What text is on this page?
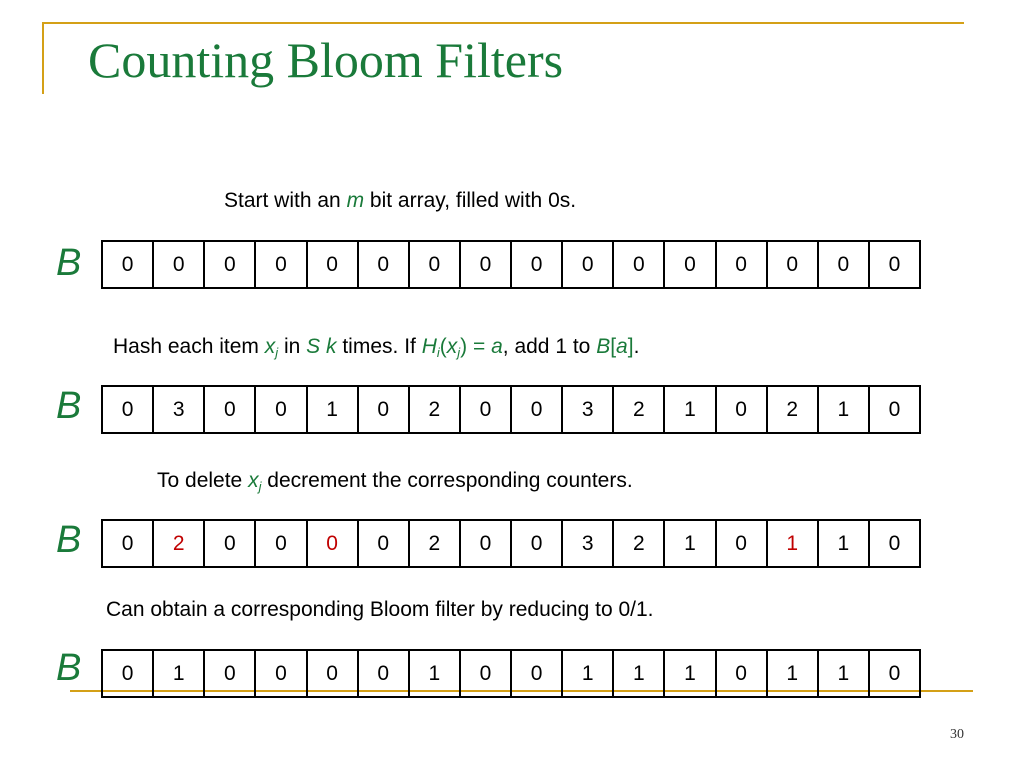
Counting Bloom Filters
Start with an m bit array, filled with 0s.
Hash each item $x_j$ in S k times. If $H_i(x_j) = a$, add 1 to B[a].
To delete $x_j$ decrement the corresponding counters.
Can obtain a corresponding Bloom filter by reducing to 0/1.
B	0	0	0	0	0	0	0	0	0	0	0	0	0	0	0	0
B	0	3	0	0	1	0	2	0	0	3	2	1	0	2	1	0
B	0	2	0	0	0	0	2	0	0	3	2	1	0	1	1	0
B	0	1	0	0	0	0	1	0	0	1	1	1	0	1	1	0
30
